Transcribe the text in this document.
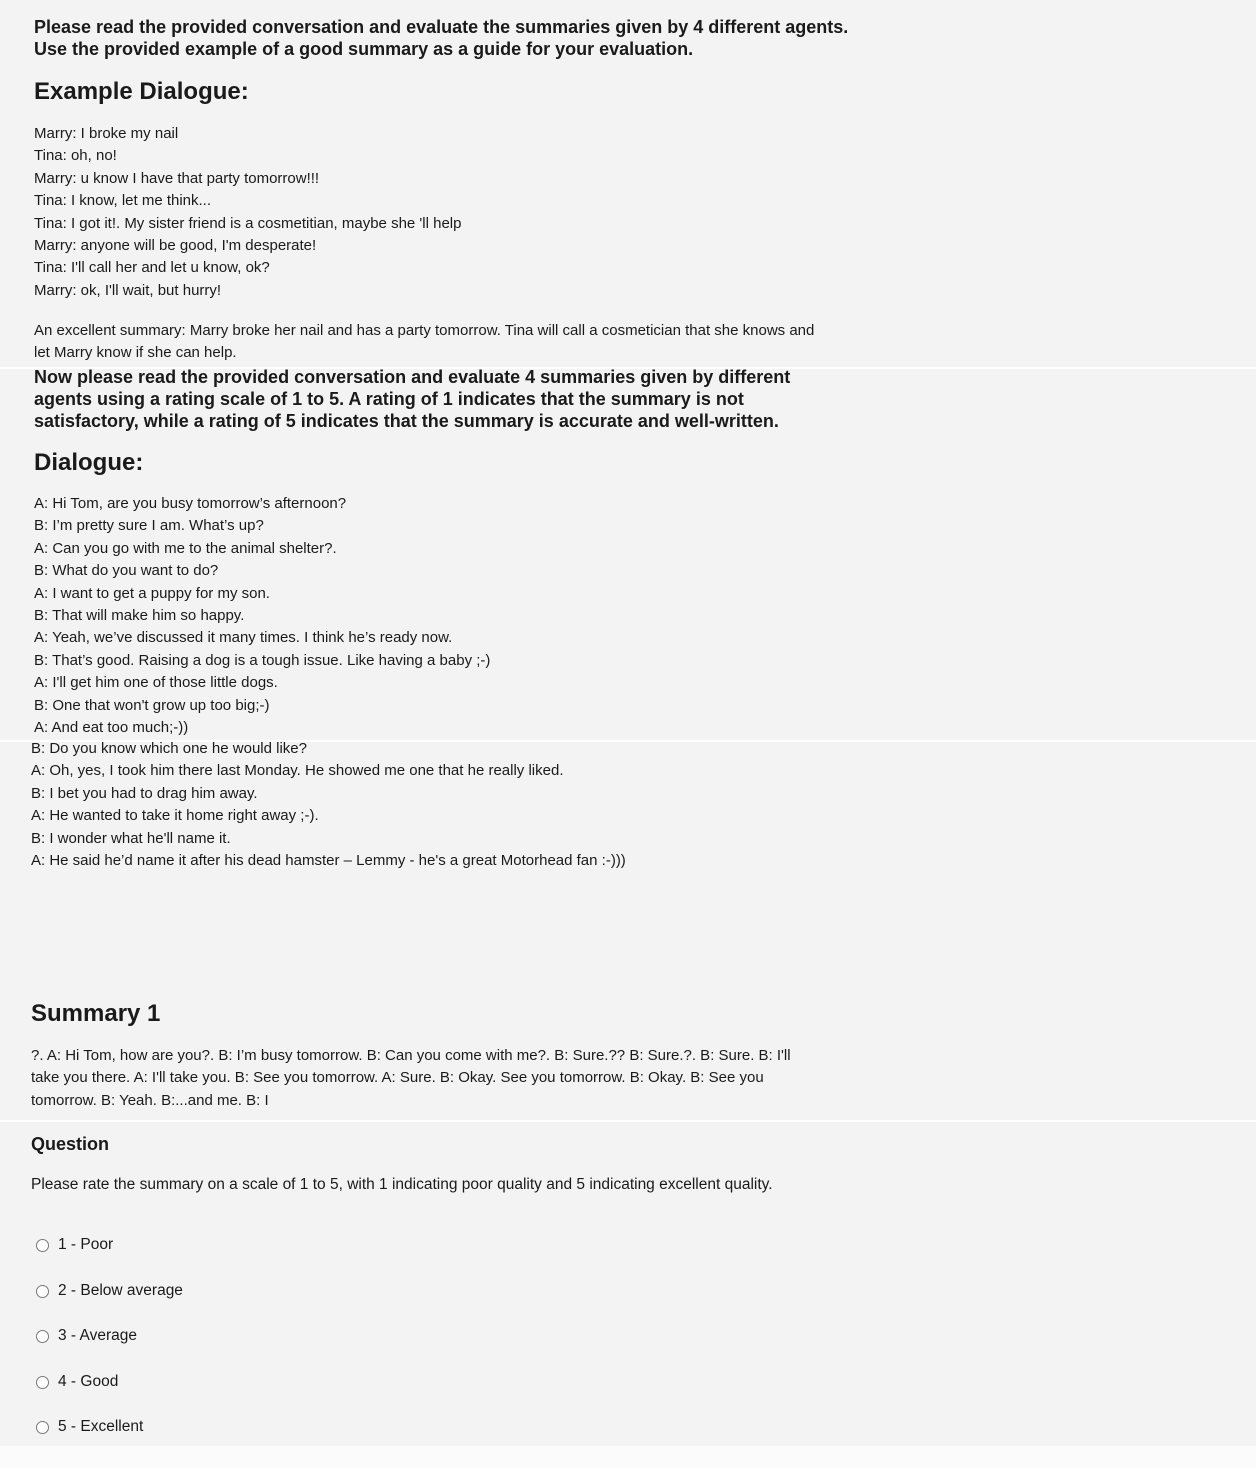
Please read the provided conversation and evaluate the summaries given by 4 different agents.
Use the provided example of a good summary as a guide for your evaluation.
Example Dialogue:
Marry: I broke my nail
Tina: oh, no!
Marry: u know I have that party tomorrow!!!
Tina: I know, let me think...
Tina: I got it!. My sister friend is a cosmetitian, maybe she 'll help
Marry: anyone will be good, I'm desperate!
Tina: I'll call her and let u know, ok?
Marry: ok, I'll wait, but hurry!
An excellent summary: Marry broke her nail and has a party tomorrow. Tina will call a cosmetician that she knows and
let Marry know if she can help.
Now please read the provided conversation and evaluate 4 summaries given by different
agents using a rating scale of 1 to 5. A rating of 1 indicates that the summary is not
satisfactory, while a rating of 5 indicates that the summary is accurate and well-written.
Dialogue:
A: Hi Tom, are you busy tomorrow’s afternoon?
B: I’m pretty sure I am. What’s up?
A: Can you go with me to the animal shelter?.
B: What do you want to do?
A: I want to get a puppy for my son.
B: That will make him so happy.
A: Yeah, we’ve discussed it many times. I think he’s ready now.
B: That’s good. Raising a dog is a tough issue. Like having a baby ;-)
A: I'll get him one of those little dogs.
B: One that won't grow up too big;-)
A: And eat too much;-))
B: Do you know which one he would like?
A: Oh, yes, I took him there last Monday. He showed me one that he really liked.
B: I bet you had to drag him away.
A: He wanted to take it home right away ;-).
B: I wonder what he'll name it.
A: He said he’d name it after his dead hamster – Lemmy - he's a great Motorhead fan :-)))
Summary 1
?. A: Hi Tom, how are you?. B: I’m busy tomorrow. B: Can you come with me?. B: Sure.?? B: Sure.?. B: Sure. B: I'll
take you there. A: I'll take you. B: See you tomorrow. A: Sure. B: Okay. See you tomorrow. B: Okay. B: See you
tomorrow. B: Yeah. B:...and me. B: I
Question
Please rate the summary on a scale of 1 to 5, with 1 indicating poor quality and 5 indicating excellent quality.
1 - Poor
2 - Below average
3 - Average
4 - Good
5 - Excellent
